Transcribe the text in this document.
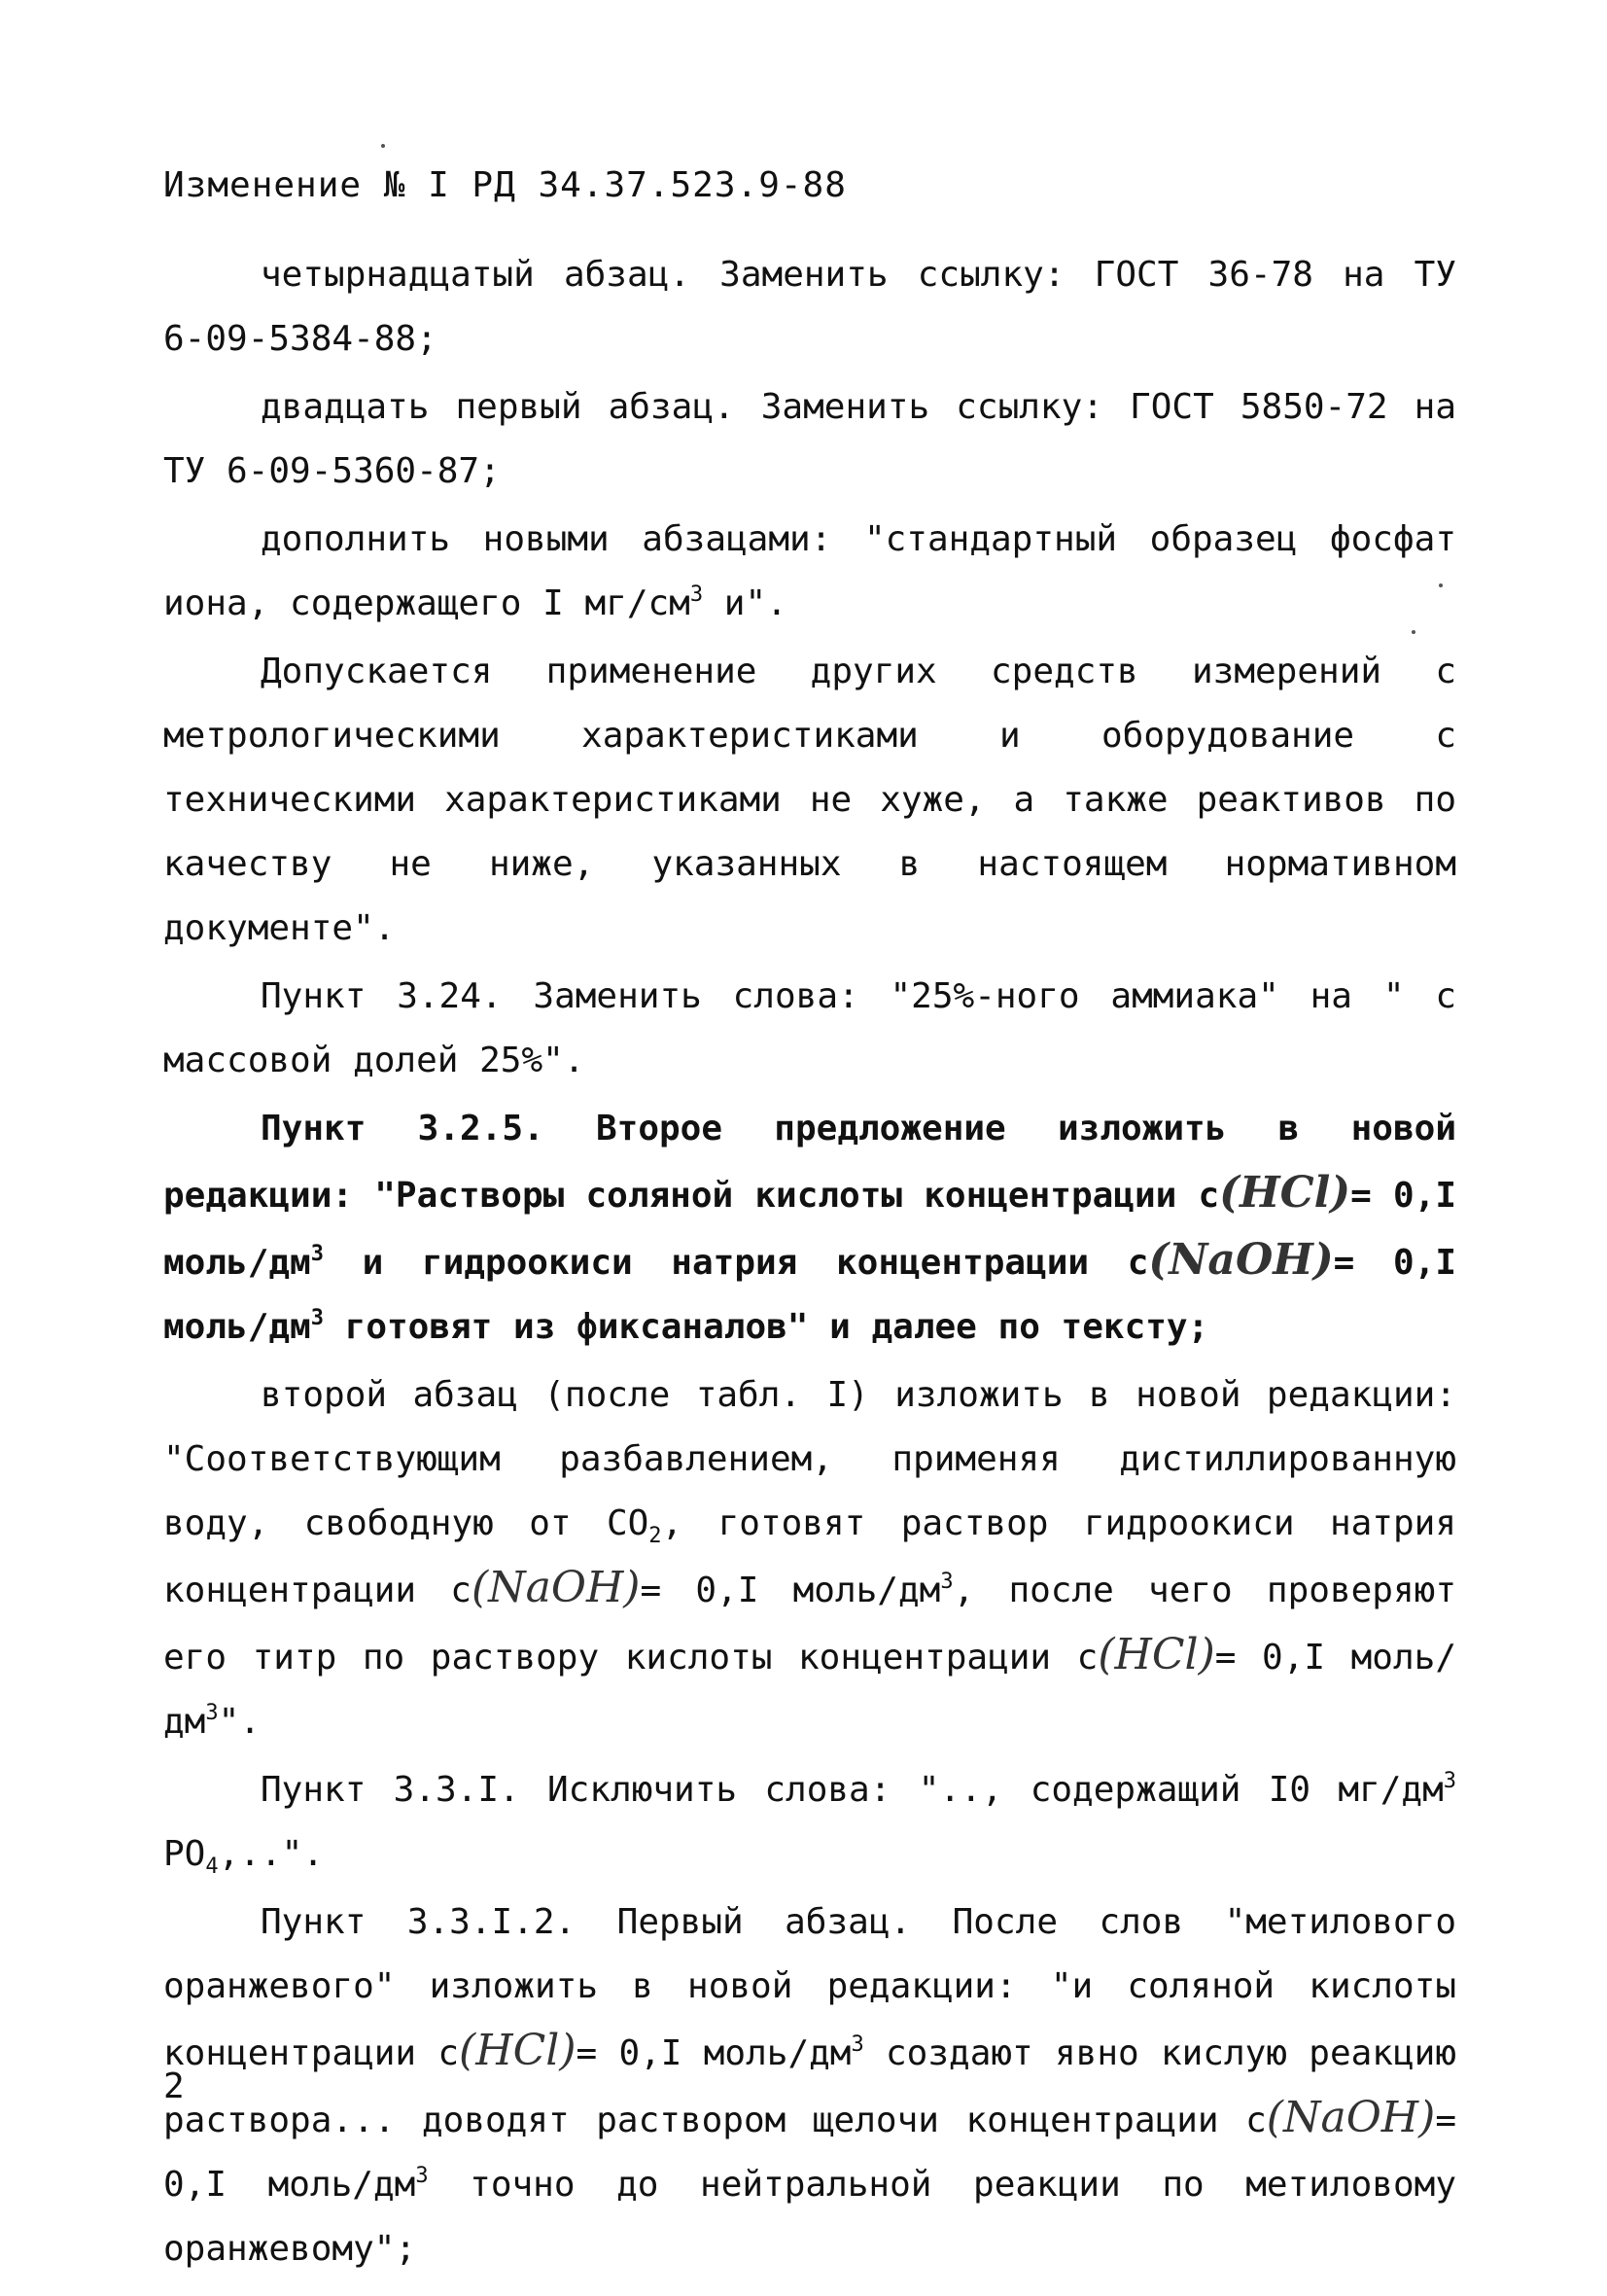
Изменение № I РД 34.37.523.9-88

четырнадцатый абзац. Заменить ссылку: ГОСТ 36-78 на ТУ 6-09-5384-88;

двадцать первый абзац. Заменить ссылку: ГОСТ 5850-72 на ТУ 6-09-5360-87;

дополнить новыми абзацами: "стандартный образец фосфат иона, содержащего I $мг/см^3$ и".

Допускается применение других средств измерений с метрологическими характеристиками и оборудование с техническими характеристиками не хуже, а также реактивов по качеству не ниже, указанных в настоящем нормативном документе".

Пункт 3.24. Заменить слова: "25%-ного аммиака" на " с массовой долей 25%".

Пункт 3.2.5. Второе предложение изложить в новой редакции: "Растворы соляной кислоты концентрации с(HCl)= 0,I моль/$дм^3$ и гидроокиси натрия концентрации с(NaOH)= 0,I моль/$дм^3$ готовят из фиксаналов" и далее по тексту;

второй абзац (после табл. I) изложить в новой редакции: "Соответствующим разбавлением, применяя дистиллированную воду, свободную от $CO_2$, готовят раствор гидроокиси натрия концентрации с(NaOH)= 0,I моль/$дм^3$, после чего проверяют его титр по раствору кислоты концентрации с(HCl)= 0,I моль/$дм^3$".

Пункт 3.3.I. Исключить слова: ".., содержащий I0 $мг/дм^3$ $PO_4$,..".

Пункт 3.3.I.2. Первый абзац. После слов "метилового оранжевого" изложить в новой редакции: "и соляной кислоты концентрации с(HCl)= 0,I моль/$дм^3$ создают явно кислую реакцию раствора... доводят раствором щелочи концентрации с(NaOH)= 0,I моль/$дм^3$ точно до нейтральной реакции по метиловому оранжевому";

2
